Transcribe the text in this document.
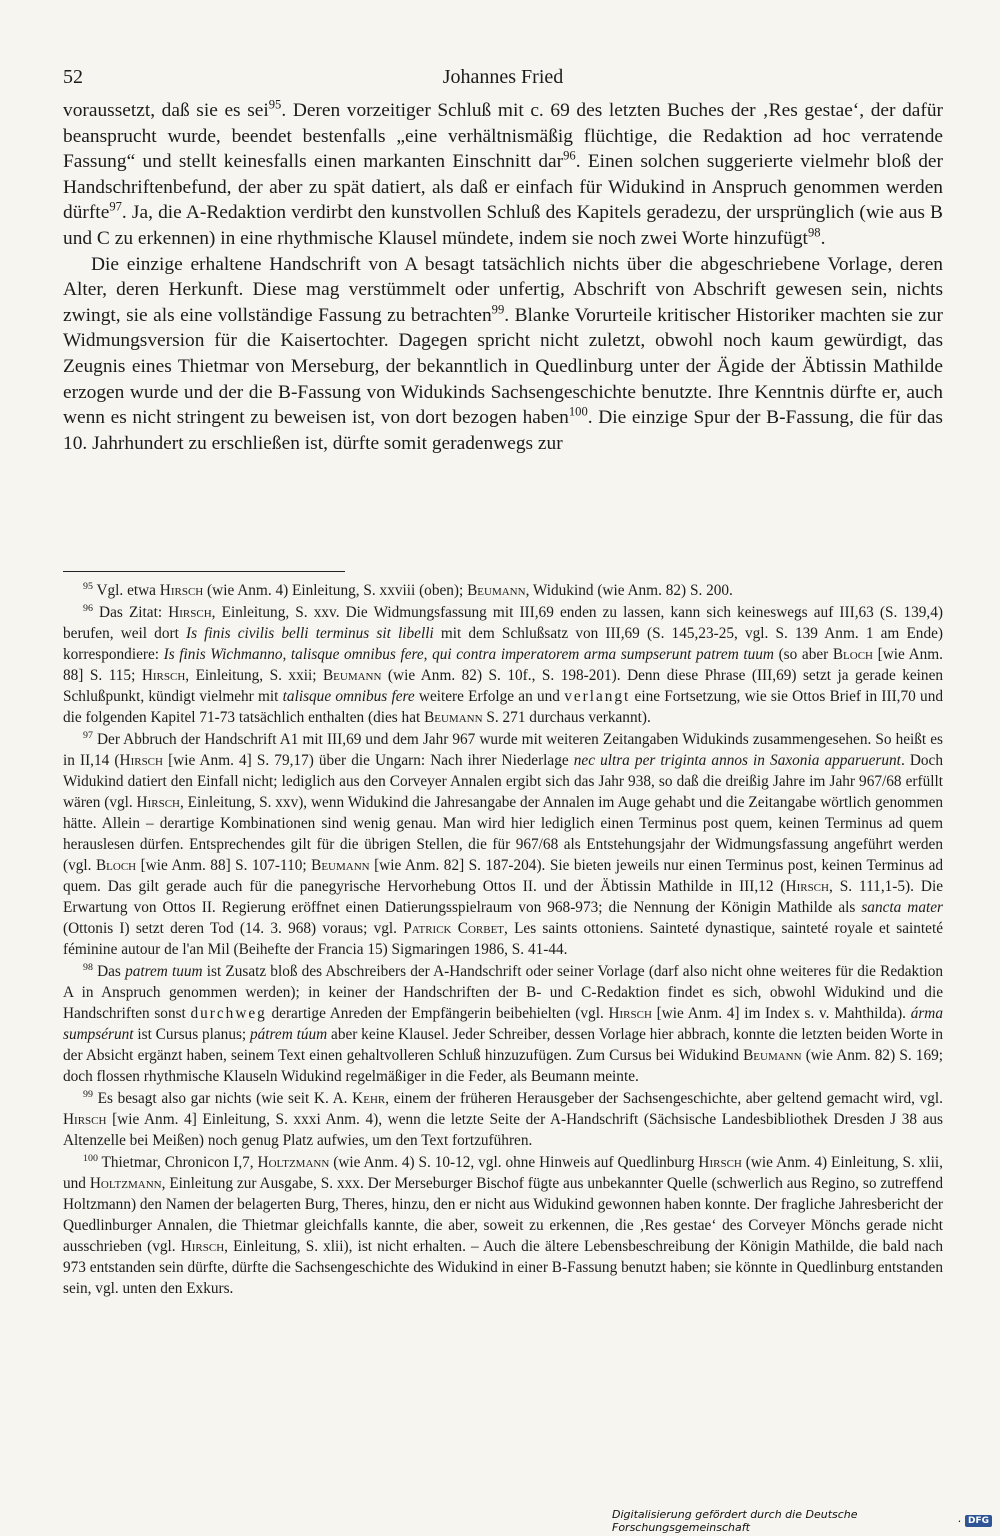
52	Johannes Fried

voraussetzt, daß sie es sei$^{95}$. Deren vorzeitiger Schluß mit c. 69 des letzten Buches der ‚Res gestae‘, der dafür beansprucht wurde, beendet bestenfalls „eine verhältnismäßig flüchtige, die Redaktion ad hoc verratende Fassung“ und stellt keinesfalls einen markanten Einschnitt dar$^{96}$. Einen solchen suggerierte vielmehr bloß der Handschriftenbefund, der aber zu spät datiert, als daß er einfach für Widukind in Anspruch genommen werden dürfte$^{97}$. Ja, die A-Redaktion verdirbt den kunstvollen Schluß des Kapitels geradezu, der ursprünglich (wie aus B und C zu erkennen) in eine rhythmische Klausel mündete, indem sie noch zwei Worte hinzufügt$^{98}$.

Die einzige erhaltene Handschrift von A besagt tatsächlich nichts über die abgeschriebene Vorlage, deren Alter, deren Herkunft. Diese mag verstümmelt oder unfertig, Abschrift von Abschrift gewesen sein, nichts zwingt, sie als eine vollständige Fassung zu betrachten$^{99}$. Blanke Vorurteile kritischer Historiker machten sie zur Widmungsversion für die Kaisertochter. Dagegen spricht nicht zuletzt, obwohl noch kaum gewürdigt, das Zeugnis eines Thietmar von Merseburg, der bekanntlich in Quedlinburg unter der Ägide der Äbtissin Mathilde erzogen wurde und der die B-Fassung von Widukinds Sachsengeschichte benutzte. Ihre Kenntnis dürfte er, auch wenn es nicht stringent zu beweisen ist, von dort bezogen haben$^{100}$. Die einzige Spur der B-Fassung, die für das 10. Jahrhundert zu erschließen ist, dürfte somit geradenwegs zur

$^{95}$ Vgl. etwa Hirsch (wie Anm. 4) Einleitung, S. xxviii (oben); Beumann, Widukind (wie Anm. 82) S. 200.

$^{96}$ Das Zitat: Hirsch, Einleitung, S. xxv. Die Widmungsfassung mit III,69 enden zu lassen, kann sich keineswegs auf III,63 (S. 139,4) berufen, weil dort Is finis civilis belli terminus sit libelli mit dem Schlußsatz von III,69 (S. 145,23-25, vgl. S. 139 Anm. 1 am Ende) korrespondiere: Is finis Wichmanno, talisque omnibus fere, qui contra imperatorem arma sumpserunt patrem tuum (so aber Bloch [wie Anm. 88] S. 115; Hirsch, Einleitung, S. xxii; Beumann (wie Anm. 82) S. 10f., S. 198-201). Denn diese Phrase (III,69) setzt ja gerade keinen Schlußpunkt, kündigt vielmehr mit talisque omnibus fere weitere Erfolge an und verlangt eine Fortsetzung, wie sie Ottos Brief in III,70 und die folgenden Kapitel 71-73 tatsächlich enthalten (dies hat Beumann S. 271 durchaus verkannt).

$^{97}$ Der Abbruch der Handschrift A1 mit III,69 und dem Jahr 967 wurde mit weiteren Zeitangaben Widukinds zusammengesehen. So heißt es in II,14 (Hirsch [wie Anm. 4] S. 79,17) über die Ungarn: Nach ihrer Niederlage nec ultra per triginta annos in Saxonia apparuerunt. Doch Widukind datiert den Einfall nicht; lediglich aus den Corveyer Annalen ergibt sich das Jahr 938, so daß die dreißig Jahre im Jahr 967/68 erfüllt wären (vgl. Hirsch, Einleitung, S. xxv), wenn Widukind die Jahresangabe der Annalen im Auge gehabt und die Zeitangabe wörtlich genommen hätte. Allein – derartige Kombinationen sind wenig genau. Man wird hier lediglich einen Terminus post quem, keinen Terminus ad quem herauslesen dürfen. Entsprechendes gilt für die übrigen Stellen, die für 967/68 als Entstehungsjahr der Widmungsfassung angeführt werden (vgl. Bloch [wie Anm. 88] S. 107-110; Beumann [wie Anm. 82] S. 187-204). Sie bieten jeweils nur einen Terminus post, keinen Terminus ad quem. Das gilt gerade auch für die panegyrische Hervorhebung Ottos II. und der Äbtissin Mathilde in III,12 (Hirsch, S. 111,1-5). Die Erwartung von Ottos II. Regierung eröffnet einen Datierungsspielraum von 968-973; die Nennung der Königin Mathilde als sancta mater (Ottonis I) setzt deren Tod (14. 3. 968) voraus; vgl. Patrick Corbet, Les saints ottoniens. Sainteté dynastique, sainteté royale et sainteté féminine autour de l'an Mil (Beihefte der Francia 15) Sigmaringen 1986, S. 41-44.

$^{98}$ Das patrem tuum ist Zusatz bloß des Abschreibers der A-Handschrift oder seiner Vorlage (darf also nicht ohne weiteres für die Redaktion A in Anspruch genommen werden); in keiner der Handschriften der B- und C-Redaktion findet es sich, obwohl Widukind und die Handschriften sonst durchweg derartige Anreden der Empfängerin beibehielten (vgl. Hirsch [wie Anm. 4] im Index s. v. Mahthilda). árma sumpsérunt ist Cursus planus; pátrem túum aber keine Klausel. Jeder Schreiber, dessen Vorlage hier abbrach, konnte die letzten beiden Worte in der Absicht ergänzt haben, seinem Text einen gehaltvolleren Schluß hinzuzufügen. Zum Cursus bei Widukind Beumann (wie Anm. 82) S. 169; doch flossen rhythmische Klauseln Widukind regelmäßiger in die Feder, als Beumann meinte.

$^{99}$ Es besagt also gar nichts (wie seit K. A. Kehr, einem der früheren Herausgeber der Sachsengeschichte, aber geltend gemacht wird, vgl. Hirsch [wie Anm. 4] Einleitung, S. xxxi Anm. 4), wenn die letzte Seite der A-Handschrift (Sächsische Landesbibliothek Dresden J 38 aus Altenzelle bei Meißen) noch genug Platz aufwies, um den Text fortzuführen.

$^{100}$ Thietmar, Chronicon I,7, Holtzmann (wie Anm. 4) S. 10-12, vgl. ohne Hinweis auf Quedlinburg Hirsch (wie Anm. 4) Einleitung, S. xlii, und Holtzmann, Einleitung zur Ausgabe, S. xxx. Der Merseburger Bischof fügte aus unbekannter Quelle (schwerlich aus Regino, so zutreffend Holtzmann) den Namen der belagerten Burg, Theres, hinzu, den er nicht aus Widukind gewonnen haben konnte. Der fragliche Jahresbericht der Quedlinburger Annalen, die Thietmar gleichfalls kannte, die aber, soweit zu erkennen, die ‚Res gestae‘ des Corveyer Mönchs gerade nicht ausschrieben (vgl. Hirsch, Einleitung, S. xlii), ist nicht erhalten. – Auch die ältere Lebensbeschreibung der Königin Mathilde, die bald nach 973 entstanden sein dürfte, dürfte die Sachsengeschichte des Widukind in einer B-Fassung benutzt haben; sie könnte in Quedlinburg entstanden sein, vgl. unten den Exkurs.

Digitalisierung gefördert durch die Deutsche Forschungsgemeinschaft	· DFG
